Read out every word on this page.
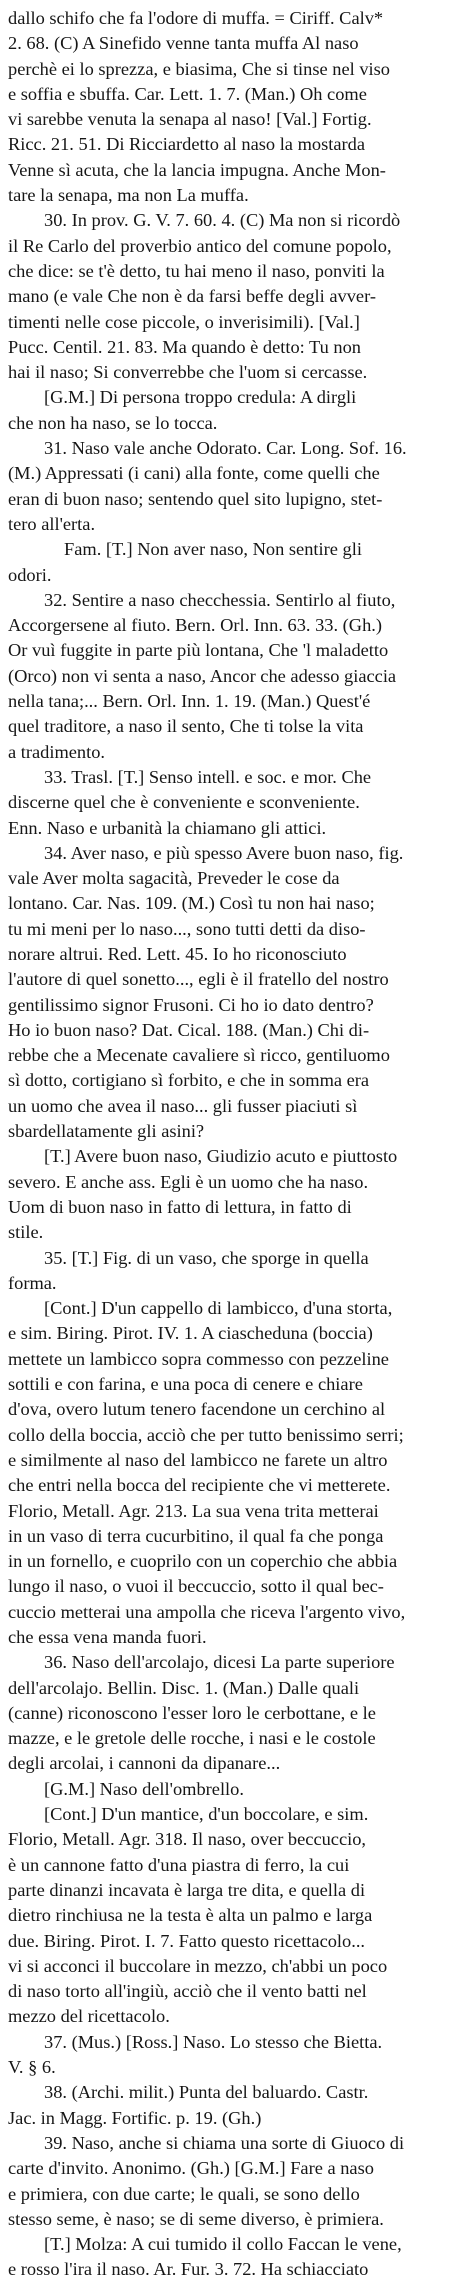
dallo schifo che fa l'odore di muffa. = Ciriff. Calv*
2. 68. (C) A Sinefido venne tanta muffa Al naso
perchè ei lo sprezza, e biasima, Che si tinse nel viso
e soffia e sbuffa. Car. Lett. 1. 7. (Man.) Oh come
vi sarebbe venuta la senapa al naso! [Val.] Fortig.
Ricc. 21. 51. Di Ricciardetto al naso la mostarda
Venne sì acuta, che la lancia impugna. Anche Mon-
tare la senapa, ma non La muffa.
30. In prov. G. V. 7. 60. 4. (C) Ma non si ricordò
il Re Carlo del proverbio antico del comune popolo,
che dice: se t'è detto, tu hai meno il naso, ponviti la
mano (e vale Che non è da farsi beffe degli avver-
timenti nelle cose piccole, o inverisimili). [Val.]
Pucc. Centil. 21. 83. Ma quando è detto: Tu non
hai il naso; Si converrebbe che l'uom si cercasse.
[G.M.] Di persona troppo credula: A dirgli
che non ha naso, se lo tocca.
31. Naso vale anche Odorato. Car. Long. Sof. 16.
(M.) Appressati (i cani) alla fonte, come quelli che
eran di buon naso; sentendo quel sito lupigno, stet-
tero all'erta.
Fam. [T.] Non aver naso, Non sentire gli
odori.
32. Sentire a naso checchessia. Sentirlo al fiuto,
Accorgersene al fiuto. Bern. Orl. Inn. 63. 33. (Gh.)
Or vuì fuggite in parte più lontana, Che 'l maladetto
(Orco) non vi senta a naso, Ancor che adesso giaccia
nella tana;... Bern. Orl. Inn. 1. 19. (Man.) Quest'é
quel traditore, a naso il sento, Che ti tolse la vita
a tradimento.
33. Trasl. [T.] Senso intell. e soc. e mor. Che
discerne quel che è conveniente e sconveniente.
Enn. Naso e urbanità la chiamano gli attici.
34. Aver naso, e più spesso Avere buon naso, fig.
vale Aver molta sagacità, Preveder le cose da
lontano. Car. Nas. 109. (M.) Così tu non hai naso;
tu mi meni per lo naso..., sono tutti detti da diso-
norare altrui. Red. Lett. 45. Io ho riconosciuto
l'autore di quel sonetto..., egli è il fratello del nostro
gentilissimo signor Frusoni. Ci ho io dato dentro?
Ho io buon naso? Dat. Cical. 188. (Man.) Chi di-
rebbe che a Mecenate cavaliere sì ricco, gentiluomo
sì dotto, cortigiano sì forbito, e che in somma era
un uomo che avea il naso... gli fusser piaciuti sì
sbardellatamente gli asini?
[T.] Avere buon naso, Giudizio acuto e piuttosto
severo. E anche ass. Egli è un uomo che ha naso.
Uom di buon naso in fatto di lettura, in fatto di
stile.
35. [T.] Fig. di un vaso, che sporge in quella
forma.
[Cont.] D'un cappello di lambicco, d'una storta,
e sim. Biring. Pirot. IV. 1. A ciascheduna (boccia)
mettete un lambicco sopra commesso con pezzeline
sottili e con farina, e una poca di cenere e chiare
d'ova, overo lutum tenero facendone un cerchino al
collo della boccia, acciò che per tutto benissimo serri;
e similmente al naso del lambicco ne farete un altro
che entri nella bocca del recipiente che vi metterete.
Florio, Metall. Agr. 213. La sua vena trita metterai
in un vaso di terra cucurbitino, il qual fa che ponga
in un fornello, e cuoprilo con un coperchio che abbia
lungo il naso, o vuoi il beccuccio, sotto il qual bec-
cuccio metterai una ampolla che riceva l'argento vivo,
che essa vena manda fuori.
36. Naso dell'arcolajo, dicesi La parte superiore
dell'arcolajo. Bellin. Disc. 1. (Man.) Dalle quali
(canne) riconoscono l'esser loro le cerbottane, e le
mazze, e le gretole delle rocche, i nasi e le costole
degli arcolai, i cannoni da dipanare...
[G.M.] Naso dell'ombrello.
[Cont.] D'un mantice, d'un boccolare, e sim.
Florio, Metall. Agr. 318. Il naso, over beccuccio,
è un cannone fatto d'una piastra di ferro, la cui
parte dinanzi incavata è larga tre dita, e quella di
dietro rinchiusa ne la testa è alta un palmo e larga
due. Biring. Pirot. I. 7. Fatto questo ricettacolo...
vi si acconci il buccolare in mezzo, ch'abbi un poco
di naso torto all'ingiù, acciò che il vento batti nel
mezzo del ricettacolo.
37. (Mus.) [Ross.] Naso. Lo stesso che Bietta.
V. § 6.
38. (Archi. milit.) Punta del baluardo. Castr.
Jac. in Magg. Fortific. p. 19. (Gh.)
39. Naso, anche si chiama una sorte di Giuoco di
carte d'invito. Anonimo. (Gh.) [G.M.] Fare a naso
e primiera, con due carte; le quali, se sono dello
stesso seme, è naso; se di seme diverso, è primiera.
[T.] Molza: A cui tumido il collo Faccan le vene,
e rosso l'ira il naso. Ar. Fur. 3. 72. Ha schiacciato
